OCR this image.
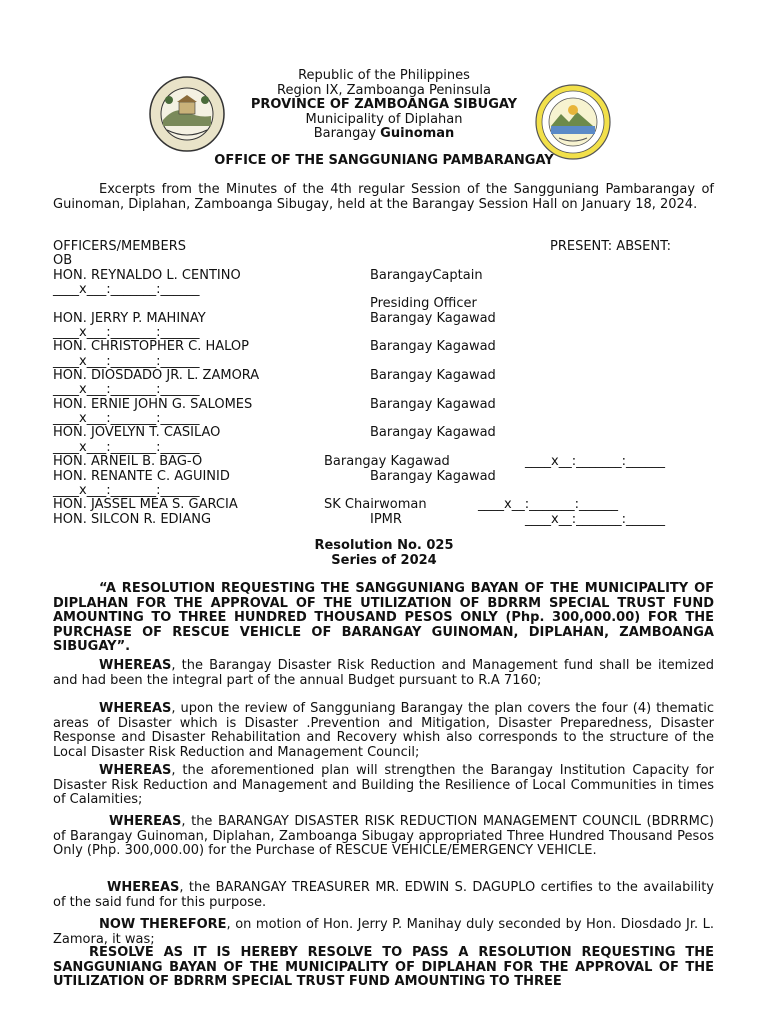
Republic of the Philippines
Region IX, Zamboanga Peninsula
PROVINCE OF ZAMBOANGA SIBUGAY
Municipality of Diplahan
Barangay Guinoman
OFFICE OF THE SANGGUNIANG PAMBARANGAY
Excerpts from the Minutes of the 4th regular Session of the Sangguniang Pambarangay of Guinoman, Diplahan, Zamboanga Sibugay, held at the Barangay Session Hall on January 18, 2024.
OFFICERS/MEMBERS	PRESENT: ABSENT:
OB
HON. REYNALDO L. CENTINO	BarangayCaptain
____x___:_______:______
Presiding Officer
HON. JERRY P. MAHINAY	Barangay Kagawad
____x___:_______:______
HON. CHRISTOPHER C. HALOP	Barangay Kagawad
____x___:_______:______
HON. DIOSDADO JR. L. ZAMORA	Barangay Kagawad
____x___:_______:______
HON. ERNIE JOHN G. SALOMES	Barangay Kagawad
____x___:_______:______
HON. JOVELYN T. CASILAO	Barangay Kagawad
____x___:_______:______
HON. ARNEIL B. BAG-O	Barangay Kagawad	____x__:_______:______
HON. RENANTE C. AGUINID	Barangay Kagawad
____x___:_______:______
HON. JASSEL MEA S. GARCIA	SK Chairwoman	____x__:_______:______
HON. SILCON R. EDIANG	IPMR	____x__:_______:______
Resolution No. 025
Series of 2024
“A RESOLUTION REQUESTING THE SANGGUNIANG BAYAN OF THE MUNICIPALITY OF DIPLAHAN FOR THE APPROVAL OF THE UTILIZATION OF BDRRM SPECIAL TRUST FUND AMOUNTING TO THREE HUNDRED THOUSAND PESOS ONLY (Php. 300,000.00) FOR THE PURCHASE OF RESCUE VEHICLE OF BARANGAY GUINOMAN, DIPLAHAN, ZAMBOANGA SIBUGAY”.
WHEREAS, the Barangay Disaster Risk Reduction and Management fund shall be itemized and had been the integral part of the annual Budget pursuant to R.A 7160;
WHEREAS, upon the review of Sangguniang Barangay the plan covers the four (4) thematic areas of Disaster which is Disaster .Prevention and Mitigation, Disaster Preparedness, Disaster Response and Disaster Rehabilitation and Recovery whish also corresponds to the structure of the Local Disaster Risk Reduction and Management Council;
WHEREAS, the aforementioned plan will strengthen the Barangay Institution Capacity for Disaster Risk Reduction and Management and Building the Resilience of Local Communities in times of Calamities;
WHEREAS, the BARANGAY DISASTER RISK REDUCTION MANAGEMENT COUNCIL (BDRRMC) of Barangay Guinoman, Diplahan, Zamboanga Sibugay appropriated Three Hundred Thousand Pesos Only (Php. 300,000.00) for the Purchase of RESCUE VEHICLE/EMERGENCY VEHICLE.
WHEREAS, the BARANGAY TREASURER MR. EDWIN S. DAGUPLO certifies to the availability of the said fund for this purpose.
NOW THEREFORE, on motion of Hon. Jerry P. Manihay duly seconded by Hon. Diosdado Jr. L. Zamora, it was;
RESOLVE AS IT IS HEREBY RESOLVE TO PASS A RESOLUTION REQUESTING THE SANGGUNIANG BAYAN OF THE MUNICIPALITY OF DIPLAHAN FOR THE APPROVAL OF THE UTILIZATION OF BDRRM SPECIAL TRUST FUND AMOUNTING TO THREE
